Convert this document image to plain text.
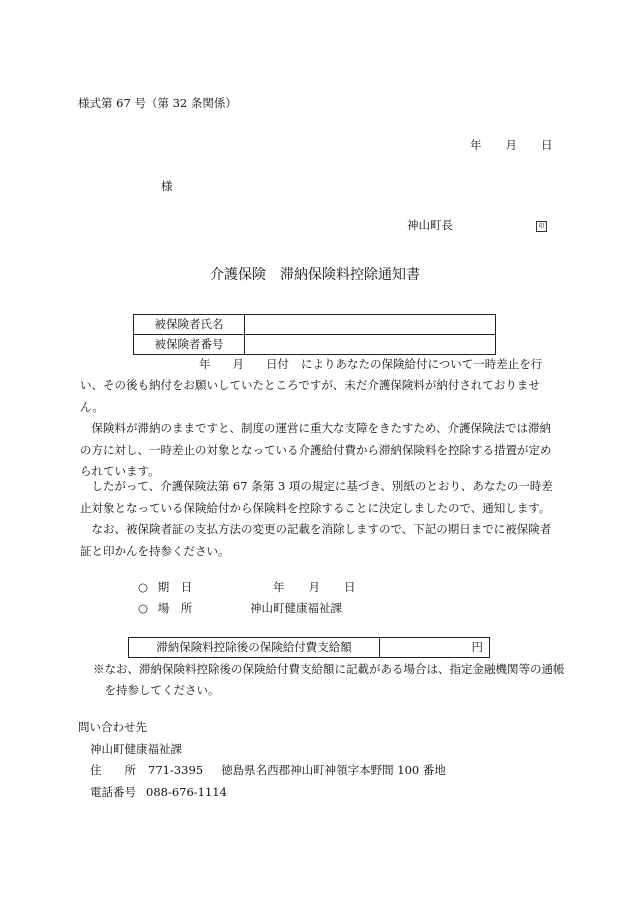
様式第 67 号（第 32 条関係）
年 月 日
様
神山町長	印
介護保険　滞納保険料控除通知書
被保険者氏名	
被保険者番号	
年 月 日付 によりあなたの保険給付について一時差止を行
い、その後も納付をお願いしていたところですが、未だ介護保険料が納付されておりません。
保険料が滞納のままですと、制度の運営に重大な支障をきたすため、介護保険法では滞納の方に対し、一時差止の対象となっている介護給付費から滞納保険料を控除する措置が定められています。
したがって、介護保険法第 67 条第 3 項の規定に基づき、別紙のとおり、あなたの一時差止対象となっている保険給付から保険料を控除することに決定しましたので、通知します。
なお、被保険者証の支払方法の変更の記載を消除しますので、下記の期日までに被保険者証と印かんを持参ください。
○ 期　日	年 月 日
○ 場　所	神山町健康福祉課
滞納保険料控除後の保険給付費支給額	円
※なお、滞納保険料控除後の保険給付費支給額に記載がある場合は、指定金融機関等の通帳を持参してください。
問い合わせ先
神山町健康福祉課
住　　所 771-3395 徳島県名西郡神山町神領字本野間 100 番地
電話番号 088-676-1114
